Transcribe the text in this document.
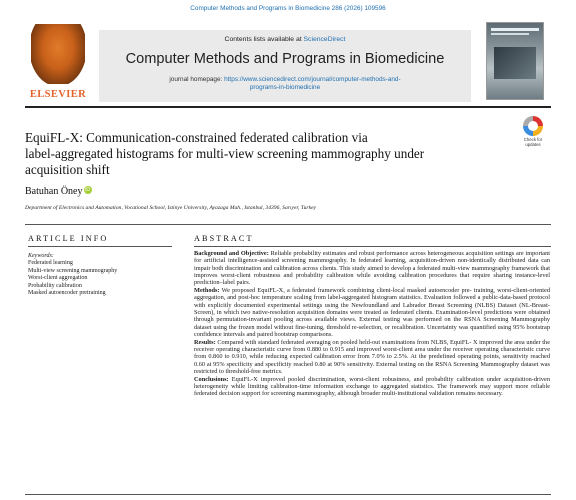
Computer Methods and Programs in Biomedicine 286 (2026) 109596
ELSEVIER
Contents lists available at ScienceDirect
Computer Methods and Programs in Biomedicine
journal homepage: https://www.sciencedirect.com/journal/computer-methods-and-
programs-in-biomedicine
Check for
updates
EquiFL-X: Communication-constrained federated calibration via
label-aggregated histograms for multi-view screening mammography under
acquisition shift
Batuhan Öney iD
Department of Electronics and Automation, Vocational School, Istinye University, Ayazaga Mah., Istanbul, 34396, Sarıyer, Turkey
ARTICLE INFO
Keywords:
Federated learning
Multi-view screening mammography
Worst-client aggregation
Probability calibration
Masked autoencoder pretraining
ABSTRACT

Background and Objective: Reliable probability estimates and robust performance across heterogeneous acquisition settings are important for artificial intelligence-assisted screening mammography. In federated learning, acquisition-driven non-identically distributed data can impair both discrimination and calibration across clients. This study aimed to develop a federated multi-view mammography framework that improves worst-client robustness and probability calibration while avoiding calibration procedures that require sharing instance-level prediction–label pairs.

Methods: We proposed EquiFL-X, a federated framework combining client-local masked autoencoder pre- training, worst-client-oriented aggregation, and post-hoc temperature scaling from label-aggregated histogram statistics. Evaluation followed a public-data-based protocol with explicitly documented experimental settings using the Newfoundland and Labrador Breast Screening (NLBS) Dataset (NL-Breast-Screen), in which two native-resolution acquisition domains were treated as federated clients. Examination-level predictions were obtained through permutation-invariant pooling across available views. External testing was performed on the RSNA Screening Mammography dataset using the frozen model without fine-tuning, threshold re-selection, or recalibration. Uncertainty was quantified using 95% bootstrap confidence intervals and paired bootstrap comparisons.

Results: Compared with standard federated averaging on pooled held-out examinations from NLBS, EquiFL- X improved the area under the receiver operating characteristic curve from 0.880 to 0.915 and improved worst-client area under the receiver operating characteristic curve from 0.860 to 0.910, while reducing expected calibration error from 7.0% to 2.5%. At the predefined operating points, sensitivity reached 0.60 at 95% specificity and specificity reached 0.80 at 90% sensitivity. External testing on the RSNA Screening Mammography dataset was restricted to threshold-free metrics.

Conclusions: EquiFL-X improved pooled discrimination, worst-client robustness, and probability calibration under acquisition-driven heterogeneity while limiting calibration-time information exchange to aggregated statistics. The framework may support more reliable federated decision support for screening mammography, although broader multi-institutional validation remains necessary.
